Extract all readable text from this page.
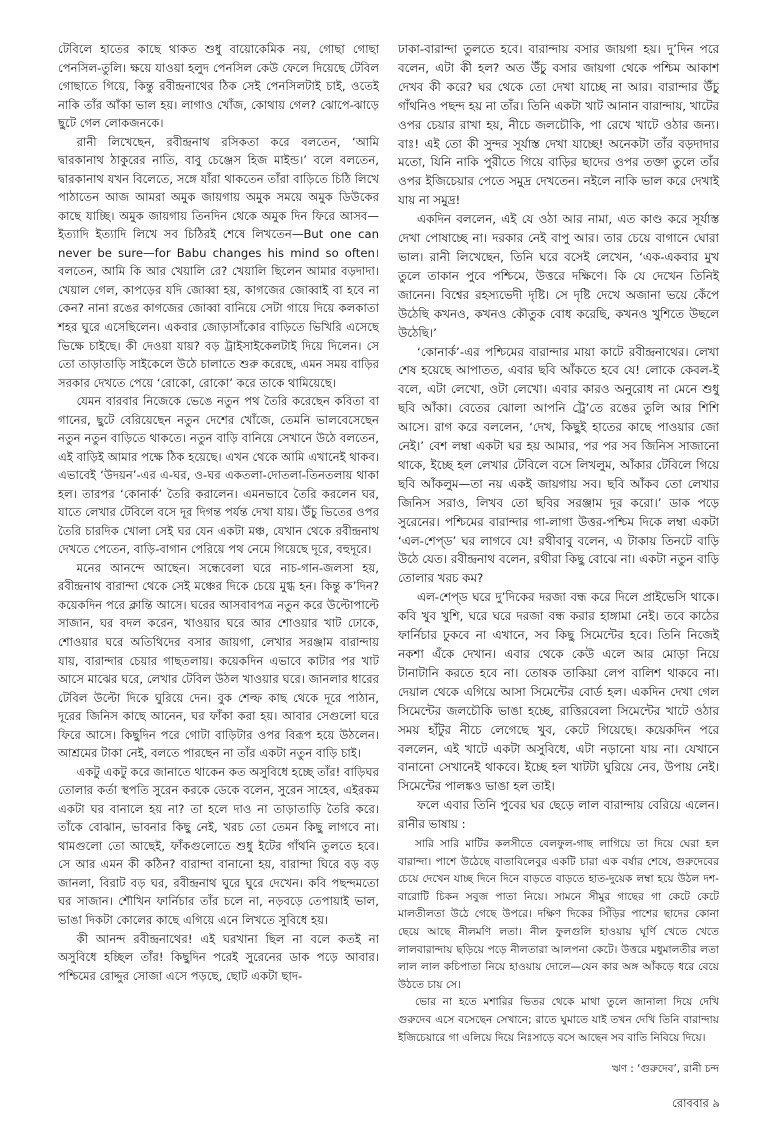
টেবিলে হাতের কাছে থাকত শুধু বায়োকেমিক নয়, গোছা গোছা পেনসিল-তুলি। ক্ষয়ে যাওয়া হলুদ পেনসিল কেউ ফেলে দিয়েছে টেবিল গোছাতে গিয়ে, কিন্তু রবীন্দ্রনাথের ঠিক সেই পেনসিলটাই চাই, ওতেই নাকি তাঁর আঁকা ভাল হয়। লাগাও খোঁজ, কোথায় গেল? ঝোপে-ঝাড়ে ছুটে গেল লোকজনকে।

রানী লিখেছেন, রবীন্দ্রনাথ রসিকতা করে বলতেন, ‘আমি দ্বারকানাথ ঠাকুরের নাতি, বাবু চেঞ্জেস হিজ মাইন্ড।’ বলে বলতেন, দ্বারকানাথ যখন বিলেতে, সঙ্গে যাঁরা থাকতেন তাঁরা বাড়িতে চিঠি লিখে পাঠাতেন আজ আমরা অমুক জায়গায় অমুক সময়ে অমুক ডিউকের কাছে যাচ্ছি। অমুক জায়গায় তিনদিন থেকে অমুক দিন ফিরে আসব—ইত্যাদি ইত্যাদি লিখে সব চিঠিরই শেষে লিখতেন—But one can never be sure—for Babu changes his mind so often। বলতেন, আমি কি আর খেয়ালি রে? খেয়ালি ছিলেন আমার বড়দাদা। খেয়াল গেল, কাপড়ের যদি জোব্বা হয়, কাগজের জোব্বাই বা হবে না কেন? নানা রঙের কাগজের জোব্বা বানিয়ে সেটা গায়ে দিয়ে কলকাতা শহর ঘুরে এসেছিলেন। একবার জোড়াসাঁকোর বাড়িতে ভিখিরি এসেছে ভিক্ষে চাইছে। কী দেওয়া যায়? বড় ট্রাইসাইকেলটাই দিয়ে দিলেন। সে তো তাড়াতাড়ি সাইকেলে উঠে চালাতে শুরু করেছে, এমন সময় বাড়ির সরকার দেখতে পেয়ে ‘রোকো, রোকো’ করে তাকে থামিয়েছে।

যেমন বারবার নিজেকে ভেঙে নতুন পথ তৈরি করেছেন কবিতা বা গানের, ছুটে বেরিয়েছেন নতুন দেশের খোঁজে, তেমনি ভালবেসেছেন নতুন নতুন বাড়িতে থাকতে। নতুন বাড়ি বানিয়ে সেখানে উঠে বলতেন, এই বাড়িই আমার পক্ষে ঠিক হয়েছে। এখন থেকে আমি এখানেই থাকব। এভাবেই ‘উদয়ন’-এর এ-ঘর, ও-ঘর একতলা-দোতলা-তিনতলায় থাকা হল। তারপর ‘কোনার্ক’ তৈরি করালেন। এমনভাবে তৈরি করলেন ঘর, যাতে লেখার টেবিলে বসে দূর দিগন্ত পর্যন্ত দেখা যায়। উঁচু ভিতের ওপর তৈরি চারদিক খোলা সেই ঘর যেন একটা মঞ্চ, যেখান থেকে রবীন্দ্রনাথ দেখতে পেতেন, বাড়ি-বাগান পেরিয়ে পথ নেমে গিয়েছে দূরে, বহুদূরে।

মনের আনন্দে আছেন। সন্ধেবেলা ঘরে নাচ-গান-জলসা হয়, রবীন্দ্রনাথ বারান্দা থেকে সেই মঞ্চের দিকে চেয়ে মুগ্ধ হন। কিন্তু ক’দিন? কয়েকদিন পরে ক্লান্তি আসে। ঘরের আসবাবপত্র নতুন করে উল্টোপাল্টে সাজান, ঘর বদল করেন, খাওয়ার ঘরে আর শোওয়ার খাট ঢোকে, শোওয়ার ঘরে অতিথিদের বসার জায়গা, লেখার সরঞ্জাম বারান্দায় যায়, বারান্দার চেয়ার গাছতলায়। কয়েকদিন এভাবে কাটার পর খাট আসে মাঝের ঘরে, লেখার টেবিল উঠল খাওয়ার ঘরে। জানলার ধারের টেবিল উল্টো দিকে ঘুরিয়ে দেন। বুক শেল্ফ কাছ থেকে দূরে পাঠান, দূরের জিনিস কাছে আনেন, ঘর ফাঁকা করা হয়। আবার সেগুলো ঘরে ফিরে আসে। কিছুদিন পরে গোটা বাড়িটার ওপর বিরূপ হয়ে উঠলেন। আশ্রমের টাকা নেই, বলতে পারছেন না তাঁর একটা নতুন বাড়ি চাই।

একটু একটু করে জানাতে থাকেন কত অসুবিধে হচ্ছে তাঁর! বাড়িঘর তোলার কর্তা স্থপতি সুরেন করকে ডেকে বলেন, সুরেন সাহেব, এইরকম একটা ঘর বানালে হয় না? তা হলে দাও না তাড়াতাড়ি তৈরি করে। তাঁকে বোঝান, ভাবনার কিছু নেই, খরচ তো তেমন কিছু লাগবে না। থামগুলো তো আছেই, ফাঁকগুলোতে শুধু ইটের গাঁথনি তুলতে হবে। সে আর এমন কী কঠিন? বারান্দা বানানো হয়, বারান্দা ঘিরে বড় বড় জানলা, বিরাট বড় ঘর, রবীন্দ্রনাথ ঘুরে ঘুরে দেখেন। কবি পছন্দমতো ঘর সাজান। শৌখিন ফার্নিচার তাঁর চলে না, নড়বড়ে তেপায়াই ভাল, ভাঙা দিকটা কোলের কাছে এগিয়ে এনে লিখতে সুবিধে হয়।

কী আনন্দ রবীন্দ্রনাথের! এই ঘরখানা ছিল না বলে কতই না অসুবিধে হচ্ছিল তাঁর! কিছুদিন পরেই সুরেনের ডাক পড়ে আবার। পশ্চিমের রোদ্দুর সোজা এসে পড়ছে, ছোট একটা ছাদ-

ঢাকা-বারান্দা তুলতে হবে। বারান্দায় বসার জায়গা হয়। দু’দিন পরে বলেন, এটা কী হল? অত উঁচু বসার জায়গা থেকে পশ্চিম আকাশ দেখব কী করে? ঘর থেকে তো দেখা যাচ্ছে না আর। বারান্দার উঁচু গাঁথনিও পছন্দ হয় না তাঁর। তিনি একটা খাট আনান বারান্দায়, খাটের ওপর চেয়ার রাখা হয়, নীচে জলচৌকি, পা রেখে খাটে ওঠার জন্য। বাঃ! এই তো কী সুন্দর সূর্যাস্ত দেখা যাচ্ছে! অনেকটা তাঁর বড়দাদার মতো, যিনি নাকি পুরীতে গিয়ে বাড়ির ছাদের ওপর তক্তা তুলে তাঁর ওপর ইজিচেয়ার পেতে সমুদ্র দেখতেন। নইলে নাকি ভাল করে দেখাই যায় না সমুদ্র!

একদিন বললেন, এই যে ওঠা আর নামা, এত কাণ্ড করে সূর্যাস্ত দেখা পোষাচ্ছে না। দরকার নেই বাপু আর। তার চেয়ে বাগানে ঘোরা ভাল। রানী লিখেছেন, তিনি ঘরে বসেই লেখেন, ‘এক-একবার মুখ তুলে তাকান পুবে পশ্চিমে, উত্তরে দক্ষিণে। কি যে দেখেন তিনিই জানেন। বিশ্বের রহস্যভেদী দৃষ্টি। সে দৃষ্টি দেখে অজানা ভয়ে কেঁপে উঠেছি কখনও, কখনও কৌতুক বোধ করেছি, কখনও খুশিতে উছলে উঠেছি।’

‘কোনার্ক’-এর পশ্চিমের বারান্দার মায়া কাটে রবীন্দ্রনাথের। লেখা শেষ হয়েছে আপাতত, এবার ছবি আঁকতে হবে যে! লোকে কেবল-ই বলে, এটা লেখো, ওটা লেখো। এবার কারও অনুরোধ না মেনে শুধু ছবি আঁকা। বেতের ঝোলা আপনি ট্রে’তে রঙের তুলি আর শিশি আসে। রাগ করে বললেন, ‘দেখ, কিছুই হাতের কাছে পাওয়ার জো নেই।’ বেশ লম্বা একটা ঘর হয় আমার, পর পর সব জিনিস সাজানো থাকে, ইচ্ছে হল লেখার টেবিলে বসে লিখলুম, আঁকার টেবিলে গিয়ে ছবি আঁকলুম—তা নয় একই জায়গায় সব। ছবি আঁকব তো লেখার জিনিস সরাও, লিখব তো ছবির সরঞ্জাম দূর করো।’ ডাক পড়ে সুরেনের। পশ্চিমের বারান্দার গা-লাগা উত্তর-পশ্চিম দিকে লম্বা একটা ‘এল-শেপ্‌ড’ ঘর লাগবে যে! রথীবাবু বলেন, এ টাকায় তিনটে বাড়ি উঠে যেত। রবীন্দ্রনাথ বলেন, রথীরা কিছু বোঝে না। একটা নতুন বাড়ি তোলার খরচ কম?

এল-শেপ্‌ড ঘরে দু’দিকের দরজা বন্ধ করে দিলে প্রাইভেসি থাকে। কবি খুব খুশি, ঘরে ঘরে দরজা বন্ধ করার হাঙ্গামা নেই। তবে কাঠের ফার্নিচার ঢুকবে না এখানে, সব কিছু সিমেন্টের হবে। তিনি নিজেই নকশা এঁকে দেখান। এবার থেকে কেউ এলে আর মোড়া নিয়ে টানাটানি করতে হবে না। তোষক তাকিয়া লেপ বালিশ থাকবে না। দেয়াল থেকে এগিয়ে আসা সিমেন্টের বোর্ড হল। একদিন দেখা গেল সিমেন্টের জলচৌকি ভাঙা হচ্ছে, রাত্তিরবেলা সিমেন্টের খাটে ওঠার সময় হাঁটুর নীচে লেগেছে খুব, কেটে গিয়েছে। কয়েকদিন পরে বললেন, এই খাটে একটা অসুবিধে, এটা নড়ানো যায় না। যেখানে বানানো সেখানেই থাকবে। ইচ্ছে হল খাটটা ঘুরিয়ে নেব, উপায় নেই। সিমেন্টের পালঙ্কও ভাঙা হল তাই।

ফলে এবার তিনি পুবের ঘর ছেড়ে লাল বারান্দায় বেরিয়ে এলেন। রানীর ভাষায় :

সারি সারি মাটির কলসীতে বেলফুল-গাছ লাগিয়ে তা দিয়ে ঘেরা হল বারান্দা। পাশে উঠেছে বাতাবিলেবুর একটি চারা এক বর্ষার শেষে, গুরুদেবের চেয়ে দেখেন যাচ্ছ দিনে দিনে বাড়তে বাড়তে হাত-দুয়েক লম্বা হয়ে উঠল দশ-বারোটি চিকন সবুজ পাতা নিয়ে। সামনে সীমুর গাছের গা কেটে কেটে মালতীলতা উঠে গেছে উপরে। দক্ষিণ দিকের সিঁড়ির পাশের ছাদের কোনা ছেয়ে আছে নীলমণি লতা। নীল ফুলগুলি হাওয়ায় ঘূর্ণি খেতে খেতে লালবারান্দায় ছড়িয়ে পড়ে নীলতারা আলপনা কেটে। উত্তরে মধুমালতীর লতা লাল লাল কচিপাতা নিয়ে হাওয়ায় দোলে—যেন কার অঙ্গ আঁকড়ে ধরে বেয়ে উঠতে চায় সে।

ভোর না হতে মশারির ভিতর থেকে মাথা তুলে জানালা দিয়ে দেখি গুরুদেব এসে বসেছেন সেখানে; রাতে ঘুমাতে যাই তখন দেখি তিনি বারান্দায় ইজিচেয়ারে গা এলিয়ে দিয়ে নিঃসাড়ে বসে আছেন সব বাতি নিবিয়ে দিয়ে।

ঋণ : ‘গুরুদেব’, রানী চন্দ
রোববার ৯
